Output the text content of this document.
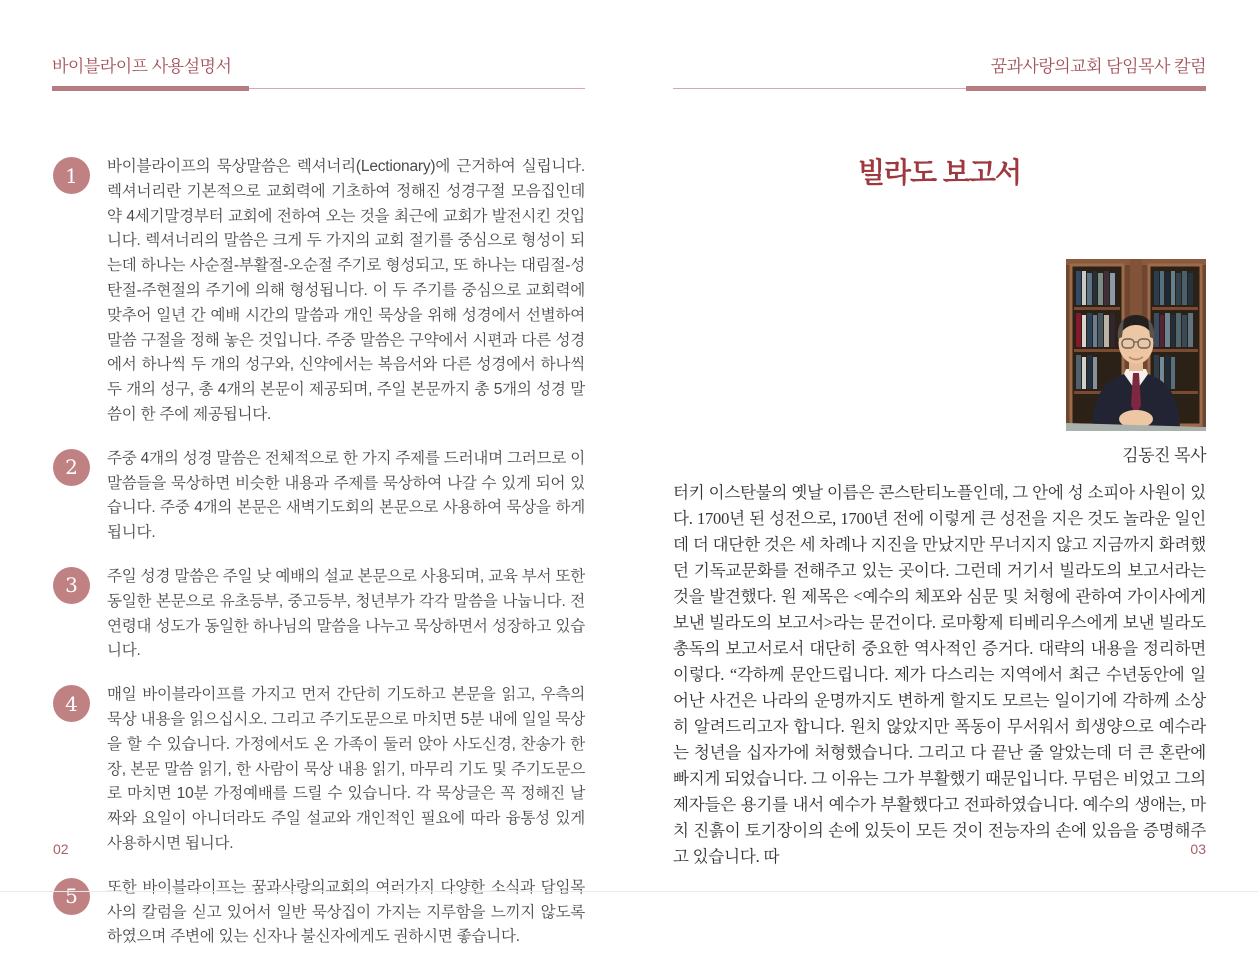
바이블라이프 사용설명서
1	바이블라이프의 묵상말씀은 렉셔너리(Lectionary)에 근거하여 실립니다. 렉셔너리란 기본적으로 교회력에 기초하여 정해진 성경구절 모음집인데 약 4세기말경부터 교회에 전하여 오는 것을 최근에 교회가 발전시킨 것입니다. 렉셔너리의 말씀은 크게 두 가지의 교회 절기를 중심으로 형성이 되는데 하나는 사순절-부활절-오순절 주기로 형성되고, 또 하나는 대림절-성탄절-주현절의 주기에 의해 형성됩니다. 이 두 주기를 중심으로 교회력에 맞추어 일년 간 예배 시간의 말씀과 개인 묵상을 위해 성경에서 선별하여 말씀 구절을 정해 놓은 것입니다. 주중 말씀은 구약에서 시편과 다른 성경에서 하나씩 두 개의 성구와, 신약에서는 복음서와 다른 성경에서 하나씩 두 개의 성구, 총 4개의 본문이 제공되며, 주일 본문까지 총 5개의 성경 말씀이 한 주에 제공됩니다.
2	주중 4개의 성경 말씀은 전체적으로 한 가지 주제를 드러내며 그러므로 이 말씀들을 묵상하면 비슷한 내용과 주제를 묵상하여 나갈 수 있게 되어 있습니다. 주중 4개의 본문은 새벽기도회의 본문으로 사용하여 묵상을 하게 됩니다.
3	주일 성경 말씀은 주일 낮 예배의 설교 본문으로 사용되며, 교육 부서 또한 동일한 본문으로 유초등부, 중고등부, 청년부가 각각 말씀을 나눕니다. 전 연령대 성도가 동일한 하나님의 말씀을 나누고 묵상하면서 성장하고 있습니다.
4	매일 바이블라이프를 가지고 먼저 간단히 기도하고 본문을 읽고, 우측의 묵상 내용을 읽으십시오. 그리고 주기도문으로 마치면 5분 내에 일일 묵상을 할 수 있습니다. 가정에서도 온 가족이 둘러 앉아 사도신경, 찬송가 한 장, 본문 말씀 읽기, 한 사람이 묵상 내용 읽기, 마무리 기도 및 주기도문으로 마치면 10분 가정예배를 드릴 수 있습니다. 각 묵상글은 꼭 정해진 날짜와 요일이 아니더라도 주일 설교와 개인적인 필요에 따라 융통성 있게 사용하시면 됩니다.
5	또한 바이블라이프는 꿈과사랑의교회의 여러가지 다양한 소식과 담임목사의 칼럼을 싣고 있어서 일반 묵상집이 가지는 지루함을 느끼지 않도록 하였으며 주변에 있는 신자나 불신자에게도 권하시면 좋습니다.
꿈과사랑의교회 담임목사 칼럼
빌라도 보고서
김동진 목사
터키 이스탄불의 옛날 이름은 콘스탄티노플인데, 그 안에 성 소피아 사원이 있다. 1700년 된 성전으로, 1700년 전에 이렇게 큰 성전을 지은 것도 놀라운 일인데 더 대단한 것은 세 차례나 지진을 만났지만 무너지지 않고 지금까지 화려했던 기독교문화를 전해주고 있는 곳이다. 그런데 거기서 빌라도의 보고서라는 것을 발견했다. 원 제목은 <예수의 체포와 심문 및 처형에 관하여 가이사에게 보낸 빌라도의 보고서>라는 문건이다. 로마황제 티베리우스에게 보낸 빌라도 총독의 보고서로서 대단히 중요한 역사적인 증거다. 대략의 내용을 정리하면 이렇다. “각하께 문안드립니다. 제가 다스리는 지역에서 최근 수년동안에 일어난 사건은 나라의 운명까지도 변하게 할지도 모르는 일이기에 각하께 소상히 알려드리고자 합니다. 원치 않았지만 폭동이 무서워서 희생양으로 예수라는 청년을 십자가에 처형했습니다. 그리고 다 끝난 줄 알았는데 더 큰 혼란에 빠지게 되었습니다. 그 이유는 그가 부활했기 때문입니다. 무덤은 비었고 그의 제자들은 용기를 내서 예수가 부활했다고 전파하였습니다. 예수의 생애는, 마치 진흙이 토기장이의 손에 있듯이 모든 것이 전능자의 손에 있음을 증명해주고 있습니다. 따
02	03
